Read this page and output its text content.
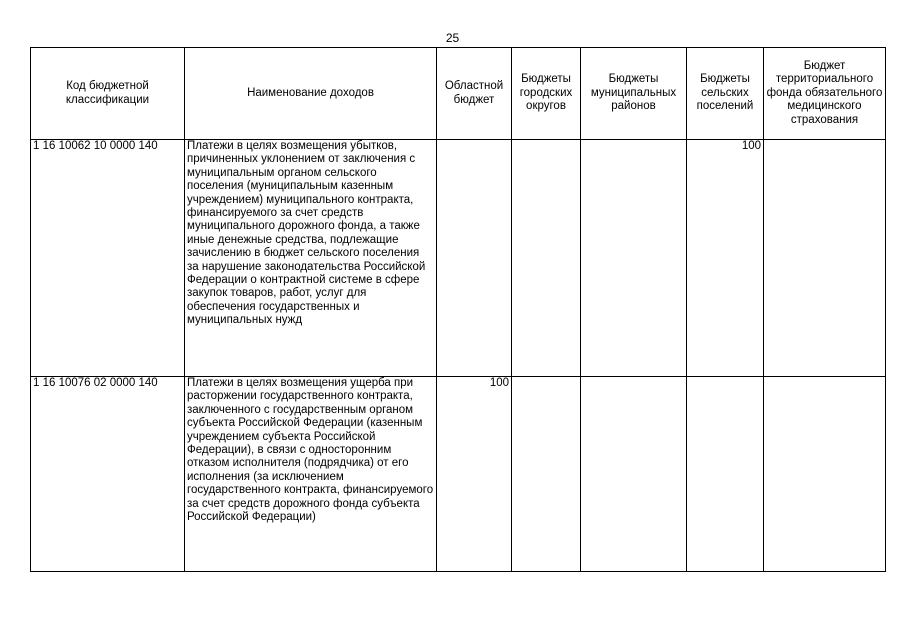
25
Код бюджетной классификации	Наименование доходов	Областной бюджет	Бюджеты городских округов	Бюджеты муниципальных районов	Бюджеты сельских поселений	Бюджет территориального фонда обязательного медицинского страхования
1 16 10062 10 0000 140	Платежи в целях возмещения убытков, причиненных уклонением от заключения с муниципальным органом сельского поселения (муниципальным казенным учреждением) муниципального контракта, финансируемого за счет средств муниципального дорожного фонда, а также иные денежные средства, подлежащие зачислению в бюджет сельского поселения за нарушение законодательства Российской Федерации о контрактной системе в сфере закупок товаров, работ, услуг для обеспечения государственных и муниципальных нужд				100	
1 16 10076 02 0000 140	Платежи в целях возмещения ущерба при расторжении государственного контракта, заключенного с государственным органом субъекта Российской Федерации (казенным учреждением субъекта Российской Федерации), в связи с односторонним отказом исполнителя (подрядчика) от его исполнения (за исключением государственного контракта, финансируемого за счет средств дорожного фонда субъекта Российской Федерации)	100				
